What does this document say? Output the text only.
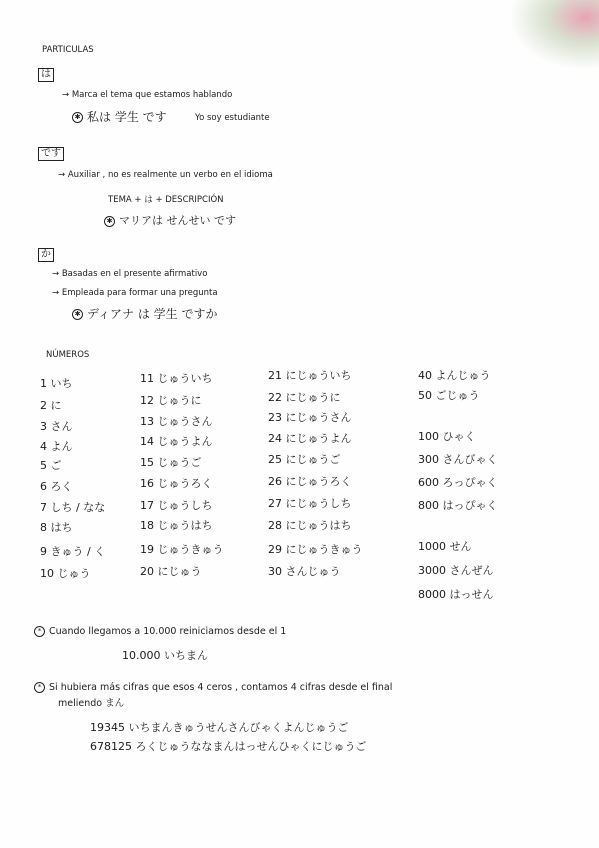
PARTICULAS
は
→ Marca el tema que estamos hablando
✱ 私は 学生 です	Yo soy estudiante
です
→ Auxiliar , no es realmente un verbo en el idioma
TEMA + は + DESCRIPCIÓN
✱ マリアは せんせい です
か
→ Basadas en el presente afirmativo
→ Empleada para formar una pregunta
✱ ディアナ は 学生 ですか
NÚMEROS
1 いち
2 に
3 さん
4 よん
5 ご
6 ろく
7 しち / なな
8 はち
9 きゅう / く
10 じゅう
11 じゅういち
12 じゅうに
13 じゅうさん
14 じゅうよん
15 じゅうご
16 じゅうろく
17 じゅうしち
18 じゅうはち
19 じゅうきゅう
20 にじゅう
21 にじゅういち
22 にじゅうに
23 にじゅうさん
24 にじゅうよん
25 にじゅうご
26 にじゅうろく
27 にじゅうしち
28 にじゅうはち
29 にじゅうきゅう
30 さんじゅう
40 よんじゅう
50 ごじゅう
100 ひゃく
300 さんびゃく
600 ろっぴゃく
800 はっぴゃく
1000 せん
3000 さんぜん
8000 はっせん
* Cuando llegamos a 10.000 reiniciamos desde el 1
10.000 いちまん
* Si hubiera más cifras que esos 4 ceros , contamos 4 cifras desde el final
meliendo まん
19345 いちまんきゅうせんさんびゃくよんじゅうご
678125 ろくじゅうななまんはっせんひゃくにじゅうご
